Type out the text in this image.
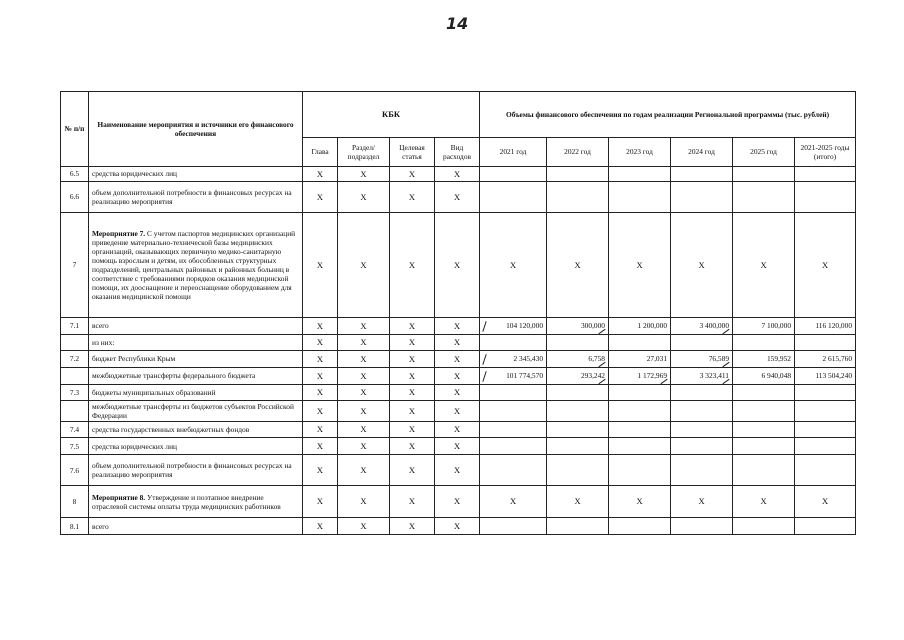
14
№ п/п	Наименование мероприятия и источники его финансового обеспечения	КБК				Объемы финансового обеспечения по годам реализации Региональной программы (тыс. рублей)					
		Глава	Раздел/ подраздел	Целевая статья	Вид расходов	2021 год	2022 год	2023 год	2024 год	2025 год	2021-2025 годы (итого)
6.5	средства юридических лиц	Х	Х	Х	Х						
6.6	объем дополнительной потребности в финансовых ресурсах на реализацию мероприятия	Х	Х	Х	Х						
7	Мероприятие 7. С учетом паспортов медицинских организаций приведение материально-технической базы медицинских организаций, оказывающих первичную медико-санитарную помощь взрослым и детям, их обособленных структурных подразделений, центральных районных и районных больниц в соответствие с требованиями порядков оказания медицинской помощи, их дооснащение и переоснащение оборудованием для оказания медицинской помощи	Х	Х	Х	Х	Х	Х	Х	Х	Х	Х
7.1	всего	Х	Х	Х	Х	104 120,000	300,000	1 200,000	3 400,000	7 100,000	116 120,000
	из них:	Х	Х	Х	Х						
7.2	бюджет Республики Крым	Х	Х	Х	Х	2 345,430	6,758	27,031	76,589	159,952	2 615,760
	межбюджетные трансферты федерального бюджета	Х	Х	Х	Х	101 774,570	293,242	1 172,969	3 323,411	6 940,048	113 504,240
7.3	бюджеты муниципальных образований	Х	Х	Х	Х						
	межбюджетные трансферты из бюджетов субъектов Российской Федерации	Х	Х	Х	Х						
7.4	средства государственных внебюджетных фондов	Х	Х	Х	Х						
7.5	средства юридических лиц	Х	Х	Х	Х						
7.6	объем дополнительной потребности в финансовых ресурсах на реализацию мероприятия	Х	Х	Х	Х						
8	Мероприятие 8. Утверждение и поэтапное внедрение отраслевой системы оплаты труда медицинских работников	Х	Х	Х	Х	Х	Х	Х	Х	Х	Х
8.1	всего	Х	Х	Х	Х						
